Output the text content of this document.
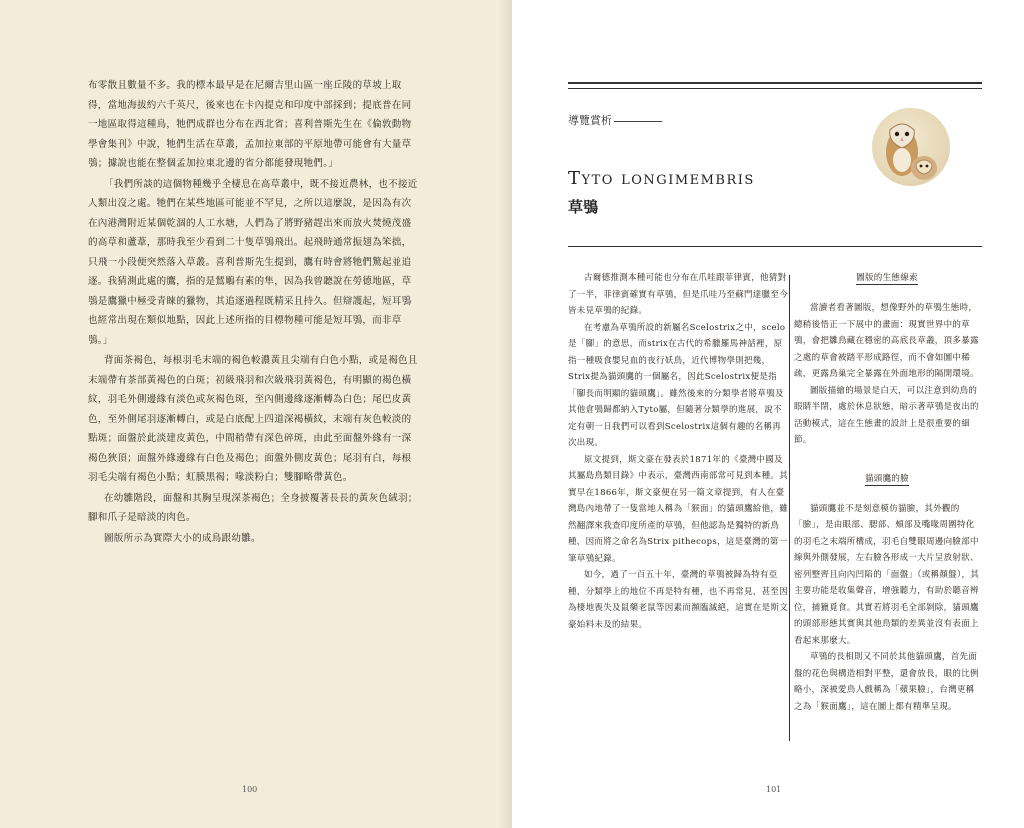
布零散且數量不多。我的標本最早是在尼爾吉里山區一座丘陵的草坡上取得，當地海拔約六千英尺，後來也在卡內提克和印度中部採到；提底普在同一地區取得這種鳥，牠們成群也分布在西北省；喜利普斯先生在《倫敦動物學會集刊》中說，牠們生活在草叢，孟加拉東部的平原地帶可能會有大量草鴞；據說也能在整個孟加拉東北邊的省分都能發現牠們。」

「我們所談的這個物種幾乎全棲息在高草叢中，既不接近農林，也不接近人類出沒之處。牠們在某些地區可能並不罕見，之所以這麼說，是因為有次在內港灣附近某個乾涸的人工水塘，人們為了將野豬趕出來而放火焚燒茂盛的高草和蘆葦，那時我至少看到二十隻草鴞飛出。起飛時通常振翅為笨拙，只飛一小段便突然落入草叢。喜利普斯先生提到，鷹有時會將牠們驚起並追逐。我猜測此處的鷹，指的是鵟鵰有素的隼，因為我曾聽說在勞德地區，草鴞是鷹獵中極受青睞的獵物，其追逐過程既精采且持久。但辯護起，短耳鴞也經常出現在類似地點，因此上述所指的目標物種可能是短耳鴞，而非草鴞。」

背面茶褐色，每根羽毛末端的褐色較濃黃且尖端有白色小點，或是褐色且末端帶有茶部黃褐色的白斑；初級飛羽和次級飛羽黃褐色，有明顯的褐色橫紋，羽毛外側邊緣有淡色或灰褐色斑，至內側邊緣逐漸轉為白色；尾巴皮黃色，至外側尾羽逐漸轉白，或是白底配上四道深褐橫紋，末端有灰色較淡的點斑；面盤於此淡建皮黃色，中間稍帶有深色碎斑，由此至面盤外緣有一深褐色狹頂；面盤外緣邊緣有白色及褐色；面盤外側皮黃色；尾羽有白，每根羽毛尖端有褐色小點；虹膜黑褐；喙淡粉白；雙腳略帶黃色。

在幼雛階段，面盤和其胸呈現深茶褐色；全身披覆著長長的黃灰色絨羽；腳和爪子是暗淡的肉色。

圖版所示為實際大小的成鳥跟幼雛。

100
導覽賞析
Tyto longimembris
草鴞

古爾德推測本種可能也分布在爪哇跟菲律賓，他猜對了一半，菲律賓確實有草鴞，但是爪哇乃至蘇門達臘至今皆未見草鴞的紀錄。

在考慮為草鴞所設的新屬名Scelostrix之中，scelo是「腳」的意思，而strix在古代的希臘羅馬神話裡，原指一種吸食嬰兒血的夜行妖鳥，近代博物學則把幾，Strix提為貓頭鷹的一個屬名，因此Scelostrix便是指「腳長而明顯的貓頭鷹」。雖然後來的分類學者將草鴞及其他倉鴞歸都納入Tyto屬，但隨著分類學的進展，說不定有朝一日我們可以看到Scelostrix這個有趣的名稱再次出現。

原文提到，斯文豪在發表於1871年的《臺灣中國及其屬島鳥類目錄》中表示，臺灣西南部常可見到本種。其實早在1866年，斯文豪便在另一篇文章提到，有人在臺灣島內地帶了一隻當地人稱為「猴面」的貓頭鷹給他，雖然翻譯來我查印度所產的草鴞，但他認為是獨特的新鳥種，因而將之命名為Strix pithecops，這是臺灣的第一筆草鴞紀錄。

如今，過了一百五十年，臺灣的草鴞被歸為特有亞種，分類學上的地位不再是特有種，也不再常見，甚至因為棲地喪失及鼠藥老鼠等因素而瀕臨滅絕，這實在是斯文豪始料未及的結果。

圖版的生態線索

當讀者看著圖版，想像野外的草鴞生態時，總稍後悟正一下展中的畫面：現實世界中的草鴞，會把雛鳥藏在穩密的高底長草叢，頂多暴露之處的草會被踏平形成路徑，而不會如圖中稀疏，更露鳥巢完全暴露在外面地形的隔開環境。

圖版描繪的場景是白天，可以注意到幼鳥的眼睛半閉，處於休息狀態，暗示著草鴞是夜出的活動模式，這在生態畫的設計上是很重要的細節。

貓頭鷹的臉

貓頭鷹並不是刻意模仿貓臉，其外觀的「臉」，是由眼部、腮部、頰部及嘴喙周圍特化的羽毛之末端所構成，羽毛自雙眼周邊向臉部中線與外側發展，左右臉各形成一大片呈放射狀、密列整齊且向內凹陷的「面盤」（或稱顏盤），其主要功能是收集聲音，增強聽力，有助於聽音辨位，捕獵覓食。其實若將羽毛全部剝除，貓頭鷹的頭部形態其實與其他鳥類的差異並沒有表面上看起來那麼大。

草鴞的長相則又不同於其他貓頭鷹，首先面盤的花色與構造相對平整，還會放長，眼的比例略小，深被愛鳥人戲稱為「蘋果臉」，台灣更稱之為「猴面鷹」，這在圖上都有精準呈現。

101
